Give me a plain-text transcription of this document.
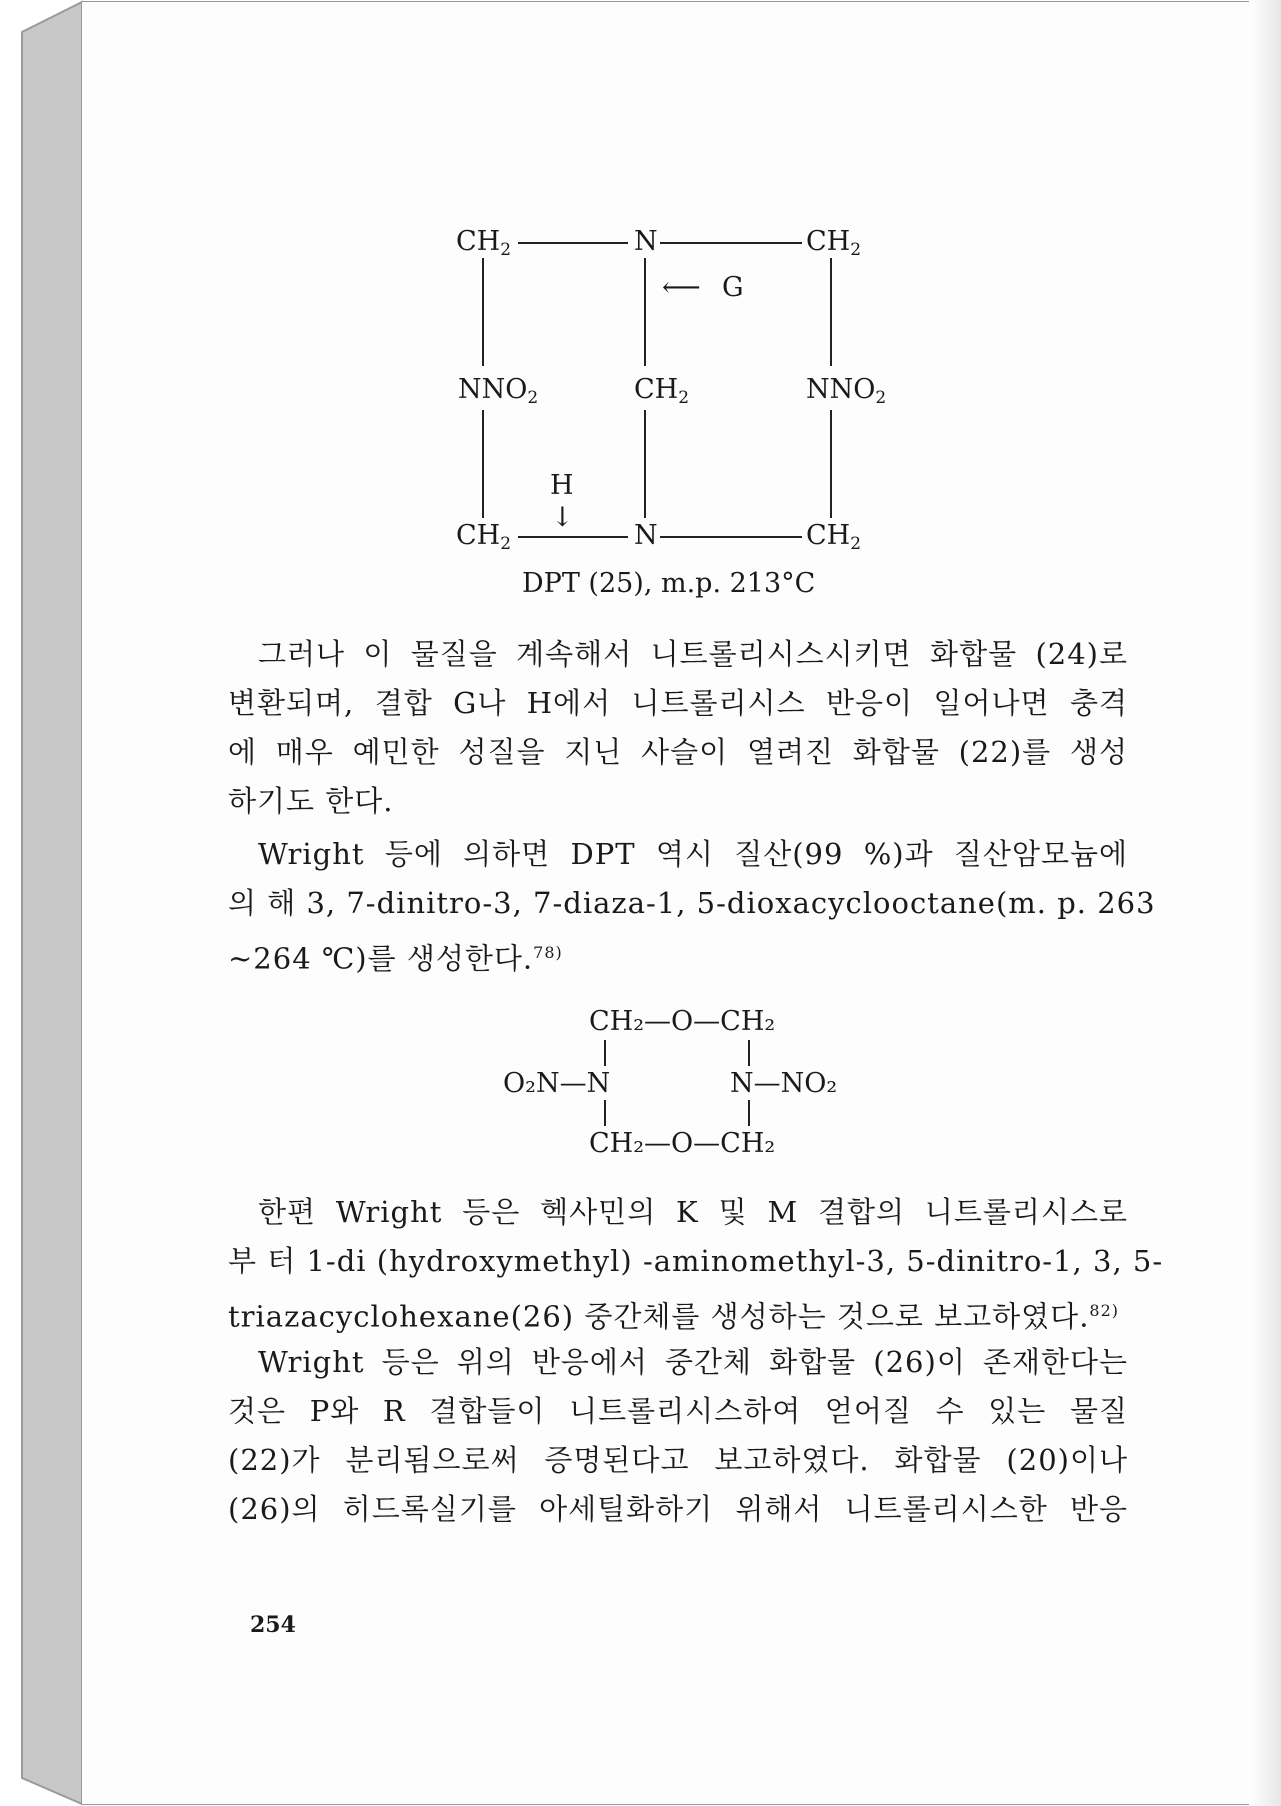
$CH_2$	N	$CH_2$
⟵ G
$NNO_2$	$CH_2$	$NNO_2$
H
↓
$CH_2$	N	$CH_2$
DPT (25), m.p. 213°C
그러나 이 물질을 계속해서 니트롤리시스시키면 화합물 (24)로
변환되며, 결합 G나 H에서 니트롤리시스 반응이 일어나면 충격
에 매우 예민한 성질을 지닌 사슬이 열려진 화합물 (22)를 생성
하기도 한다.
Wright 등에 의하면 DPT 역시 질산(99 %)과 질산암모늄에
의 해 3, 7-dinitro-3, 7-diaza-1, 5-dioxacyclooctane(m. p. 263
~264 ℃)를 생성한다.$^{78)}$
CH₂—O—CH₂
O₂N—N	N—NO₂
CH₂—O—CH₂
한편 Wright 등은 헥사민의 K 및 M 결합의 니트롤리시스로
부 터 1-di (hydroxymethyl) -aminomethyl-3, 5-dinitro-1, 3, 5-
triazacyclohexane(26) 중간체를 생성하는 것으로 보고하였다.$^{82)}$
Wright 등은 위의 반응에서 중간체 화합물 (26)이 존재한다는
것은 P와 R 결합들이 니트롤리시스하여 얻어질 수 있는 물질
(22)가 분리됨으로써 증명된다고 보고하였다. 화합물 (20)이나
(26)의 히드록실기를 아세틸화하기 위해서 니트롤리시스한 반응
254
